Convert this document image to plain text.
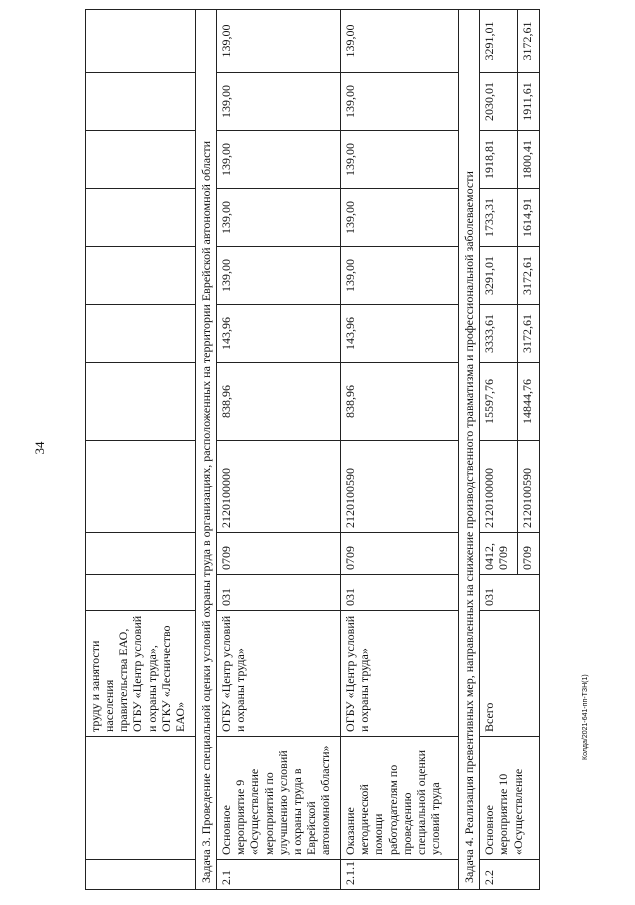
34
Колда/2021-641-пп-ТЗН(1)
		труду и занятости населения правительства ЕАО, ОГБУ «Центр условий и охраны труда», ОГКУ «Лесничество ЕАО»										
Задача 3. Проведение специальной оценки условий охраны труда в организациях, расположенных на территории Еврейской автономной области												
2.1	Основное мероприятие 9 «Осуществление мероприятий по улучшению условий и охраны труда в Еврейской автономной области»	ОГБУ «Центр условий и охраны труда»	031	0709	2120100000	838,96	143,96	139,00	139,00	139,00	139,00	139,00
2.1.1	Оказание методической помощи работодателям по проведению специальной оценки условий труда	ОГБУ «Центр условий и охраны труда»	031	0709	2120100590	838,96	143,96	139,00	139,00	139,00	139,00	139,00
Задача 4. Реализация превентивных мер, направленных на снижение производственного травматизма и профессиональной заболеваемости												
2.2	Основное мероприятие 10 «Осуществление	Всего	031	0412, 0709	2120100000	15597,76	3333,61	3291,01	1733,31	1918,81	2030,01	3291,01
				0709	2120100590	14844,76	3172,61	3172,61	1614,91	1800,41	1911,61	3172,61
